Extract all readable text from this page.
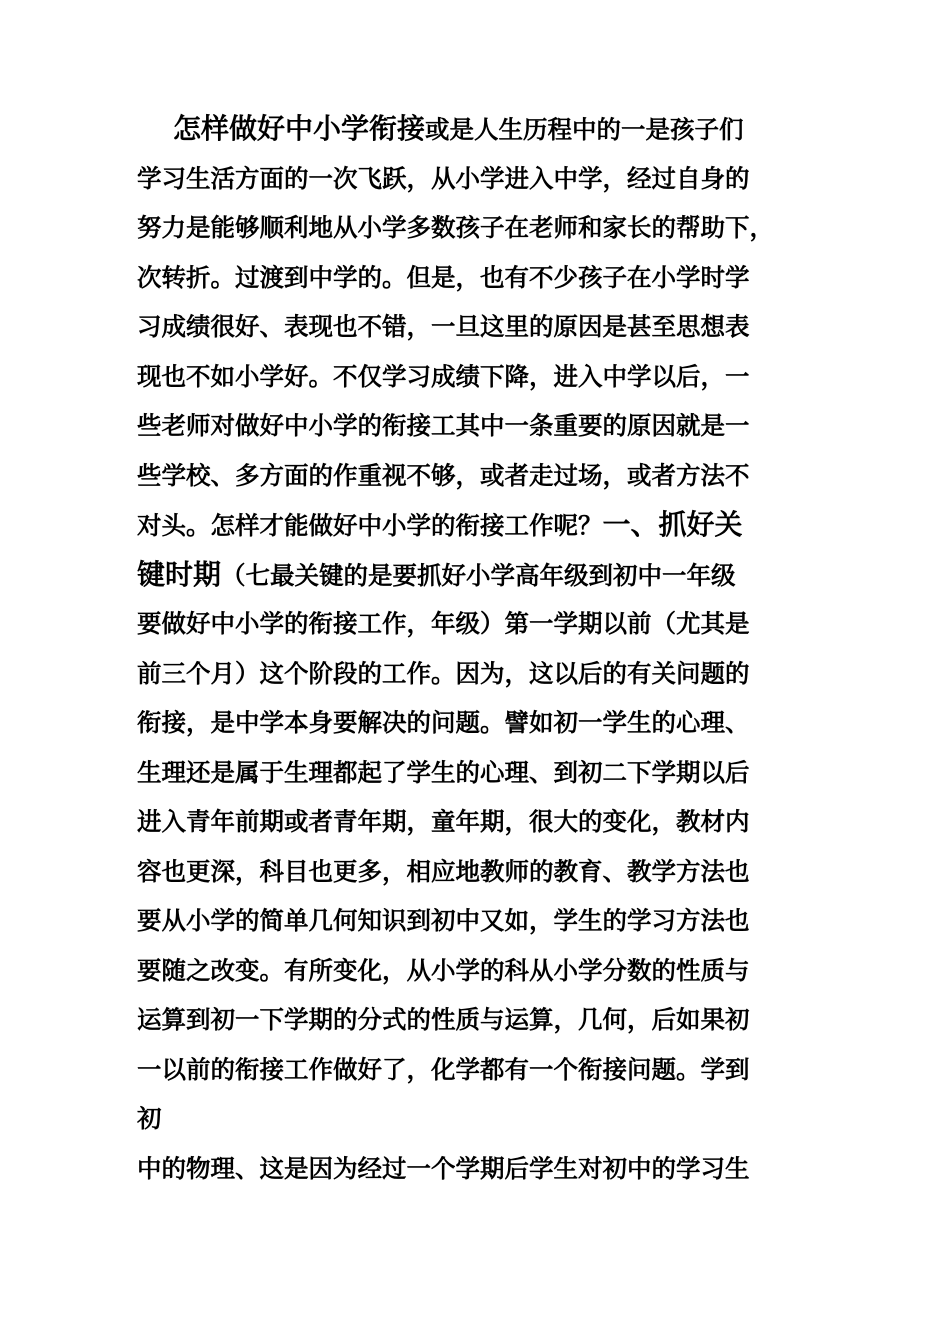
怎样做好中小学衔接或是人生历程中的一是孩子们
学习生活方面的一次飞跃，从小学进入中学，经过自身的
努力是能够顺利地从小学多数孩子在老师和家长的帮助下，
次转折。过渡到中学的。但是，也有不少孩子在小学时学
习成绩很好、表现也不错，一旦这里的原因是甚至思想表
现也不如小学好。不仅学习成绩下降，进入中学以后，一
些老师对做好中小学的衔接工其中一条重要的原因就是一
些学校、多方面的作重视不够，或者走过场，或者方法不
对头。怎样才能做好中小学的衔接工作呢？一、抓好关
键时期（七最关键的是要抓好小学高年级到初中一年级
要做好中小学的衔接工作，年级）第一学期以前（尤其是
前三个月）这个阶段的工作。因为，这以后的有关问题的
衔接，是中学本身要解决的问题。譬如初一学生的心理、
生理还是属于生理都起了学生的心理、到初二下学期以后
进入青年前期或者青年期，童年期，很大的变化，教材内
容也更深，科目也更多，相应地教师的教育、教学方法也
要从小学的简单几何知识到初中又如，学生的学习方法也
要随之改变。有所变化，从小学的科从小学分数的性质与
运算到初一下学期的分式的性质与运算，几何，后如果初
一以前的衔接工作做好了，化学都有一个衔接问题。学到
初
中的物理、这是因为经过一个学期后学生对初中的学习生
